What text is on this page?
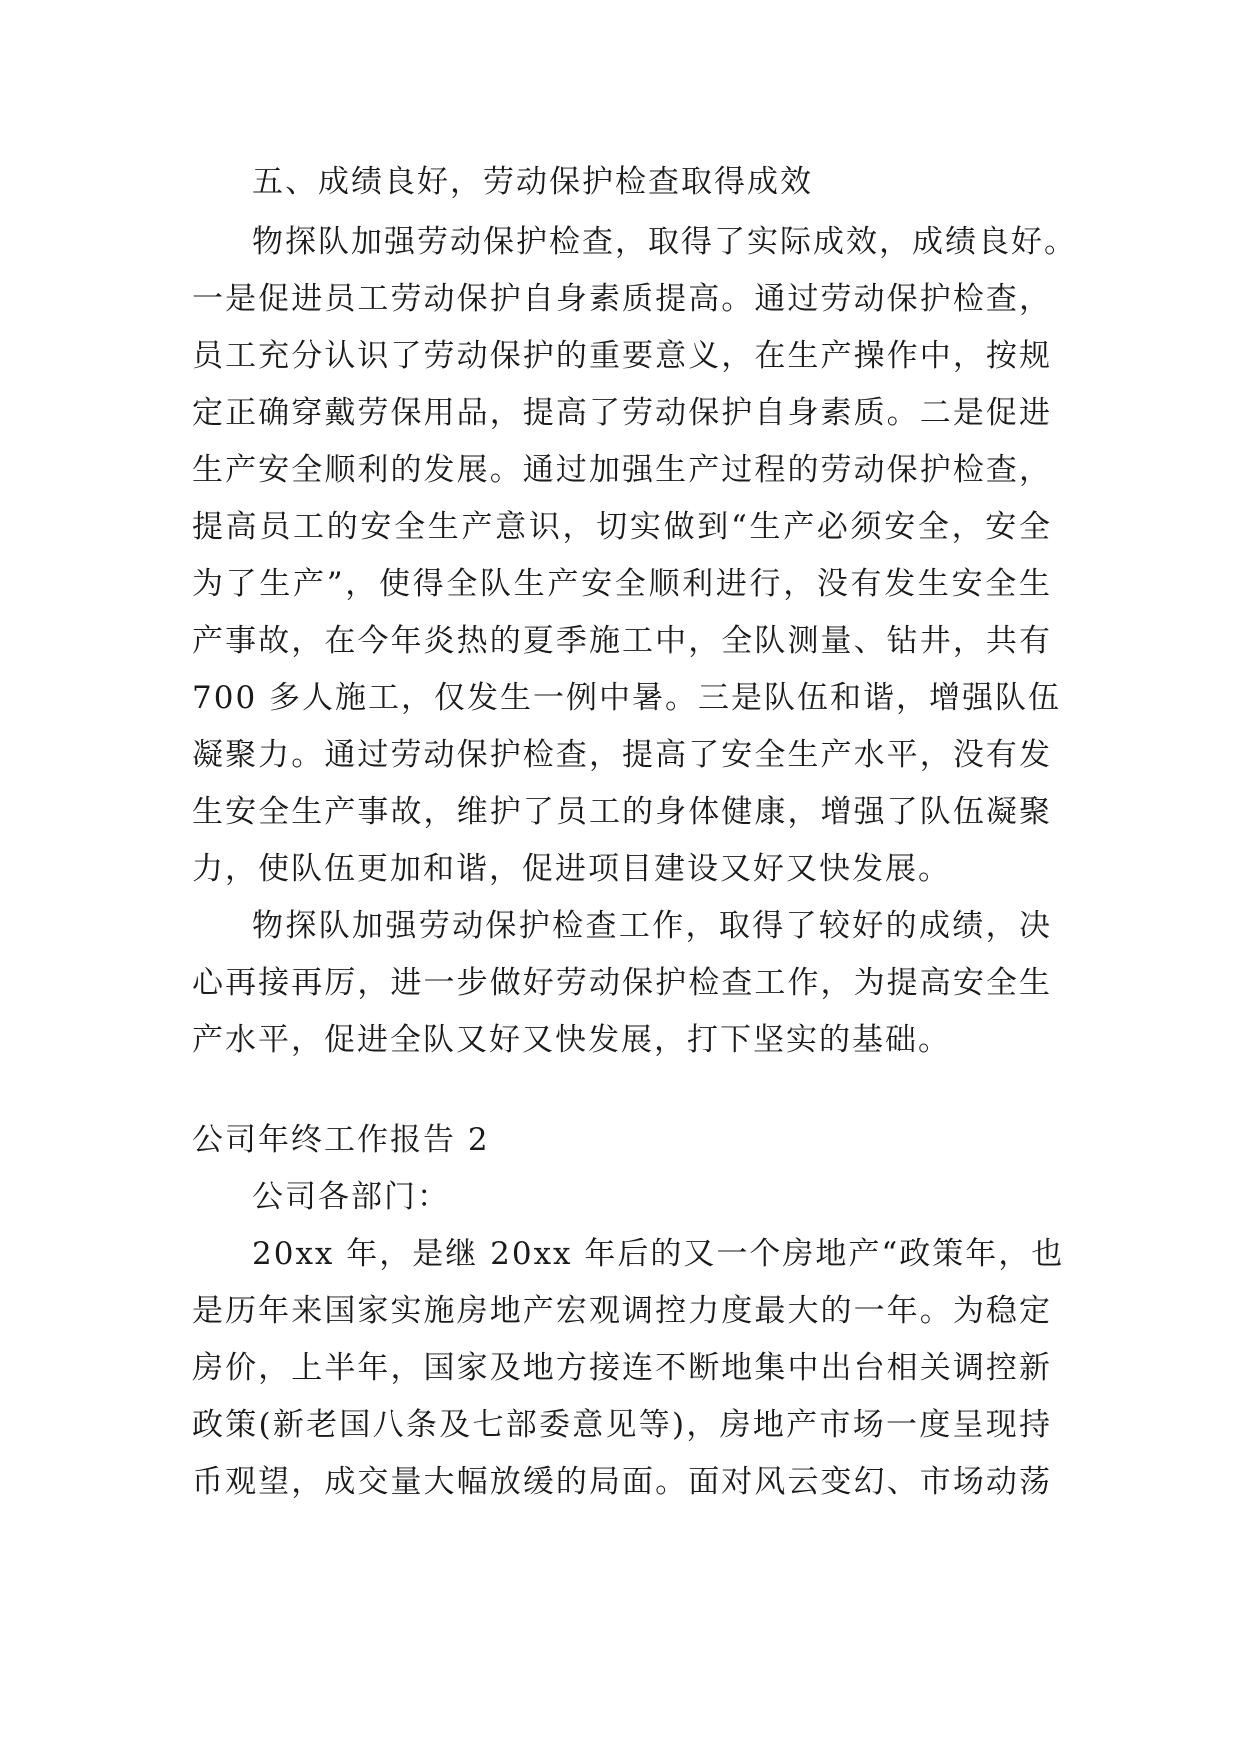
五、成绩良好，劳动保护检查取得成效
物探队加强劳动保护检查，取得了实际成效，成绩良好。
一是促进员工劳动保护自身素质提高。通过劳动保护检查，
员工充分认识了劳动保护的重要意义，在生产操作中，按规
定正确穿戴劳保用品，提高了劳动保护自身素质。二是促进
生产安全顺利的发展。通过加强生产过程的劳动保护检查，
提高员工的安全生产意识，切实做到“生产必须安全，安全
为了生产”，使得全队生产安全顺利进行，没有发生安全生
产事故，在今年炎热的夏季施工中，全队测量、钻井，共有
700 多人施工，仅发生一例中暑。三是队伍和谐，增强队伍
凝聚力。通过劳动保护检查，提高了安全生产水平，没有发
生安全生产事故，维护了员工的身体健康，增强了队伍凝聚
力，使队伍更加和谐，促进项目建设又好又快发展。
物探队加强劳动保护检查工作，取得了较好的成绩，决
心再接再厉，进一步做好劳动保护检查工作，为提高安全生
产水平，促进全队又好又快发展，打下坚实的基础。
公司年终工作报告 2
公司各部门：
20xx 年，是继 20xx 年后的又一个房地产“政策年，也
是历年来国家实施房地产宏观调控力度最大的一年。为稳定
房价，上半年，国家及地方接连不断地集中出台相关调控新
政策(新老国八条及七部委意见等)，房地产市场一度呈现持
币观望，成交量大幅放缓的局面。面对风云变幻、市场动荡
